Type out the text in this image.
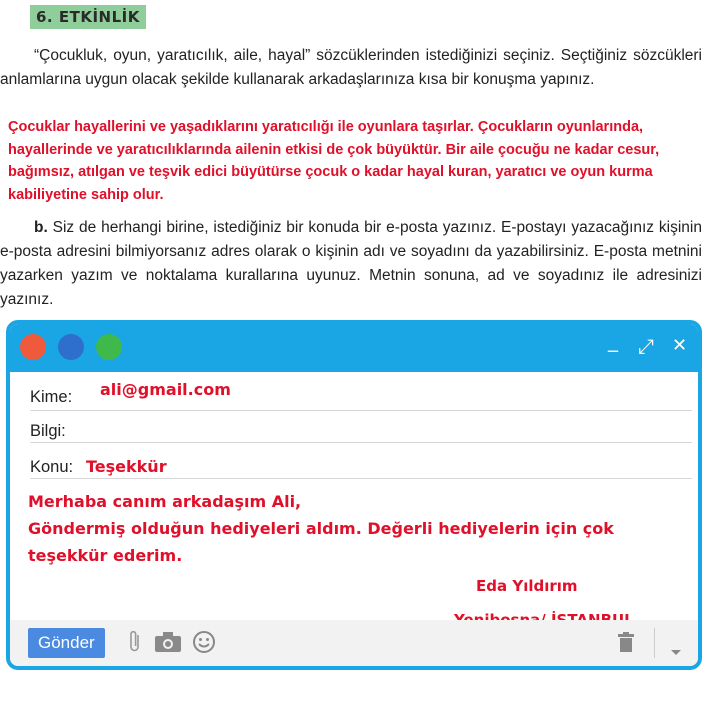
6. ETKİNLİK
“Çocukluk, oyun, yaratıcılık, aile, hayal” sözcüklerinden istediğinizi seçiniz. Seçtiğiniz sözcükleri anlamlarına uygun olacak şekilde kullanarak arkadaşlarınıza kısa bir konuşma yapınız.
Çocuklar hayallerini ve yaşadıklarını yaratıcılığı ile oyunlara taşırlar. Çocukların oyunlarında, hayallerinde ve yaratıcılıklarında ailenin etkisi de çok büyüktür. Bir aile çocuğu ne kadar cesur, bağımsız, atılgan ve teşvik edici büyütürse çocuk o kadar hayal kuran, yaratıcı ve oyun kurma kabiliyetine sahip olur.
b. Siz de herhangi birine, istediğiniz bir konuda bir e-posta yazınız. E-postayı yazacağınız kişinin e-posta adresini bilmiyorsanız adres olarak o kişinin adı ve soyadını da yazabilirsiniz. E-posta metnini yazarken yazım ve noktalama kurallarına uyunuz. Metnin sonuna, ad ve soyadınız ile adresinizi yazınız.
_ ⤢ ✕
Kime: ali@gmail.com
Bilgi:
Konu: Teşekkür
Merhaba canım arkadaşım Ali,
Göndermiş olduğun hediyeleri aldım. Değerli hediyelerin için çok teşekkür ederim.
Eda Yıldırım
Gönder
